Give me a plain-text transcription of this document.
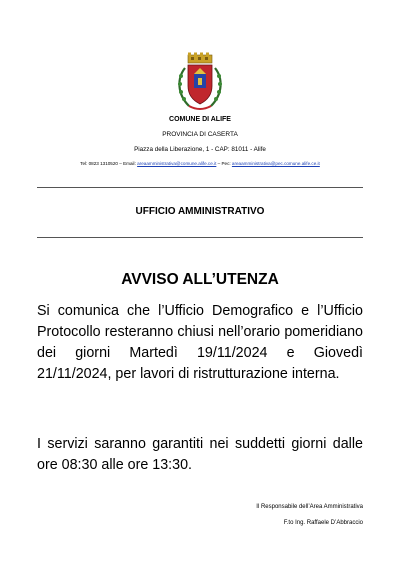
COMUNE DI ALIFE
PROVINCIA DI CASERTA
Piazza della Liberazione, 1 - CAP: 81011 - Alife
Tel: 0823 1310520 – Email: areaamministrativa@comune.alife.ce.it – Pec: areaamministrativa@pec.comune.alife.ce.it
UFFICIO AMMINISTRATIVO
AVVISO ALL’UTENZA

Si comunica che l’Ufficio Demografico e l’Ufficio Protocollo resteranno chiusi nell’orario pomeridiano dei giorni Martedì 19/11/2024 e Giovedì 21/11/2024, per lavori di ristrutturazione interna.

I servizi saranno garantiti nei suddetti giorni dalle ore 08:30 alle ore 13:30.

Il Responsabile dell’Area Amministrativa
F.to Ing. Raffaele D’Abbraccio
